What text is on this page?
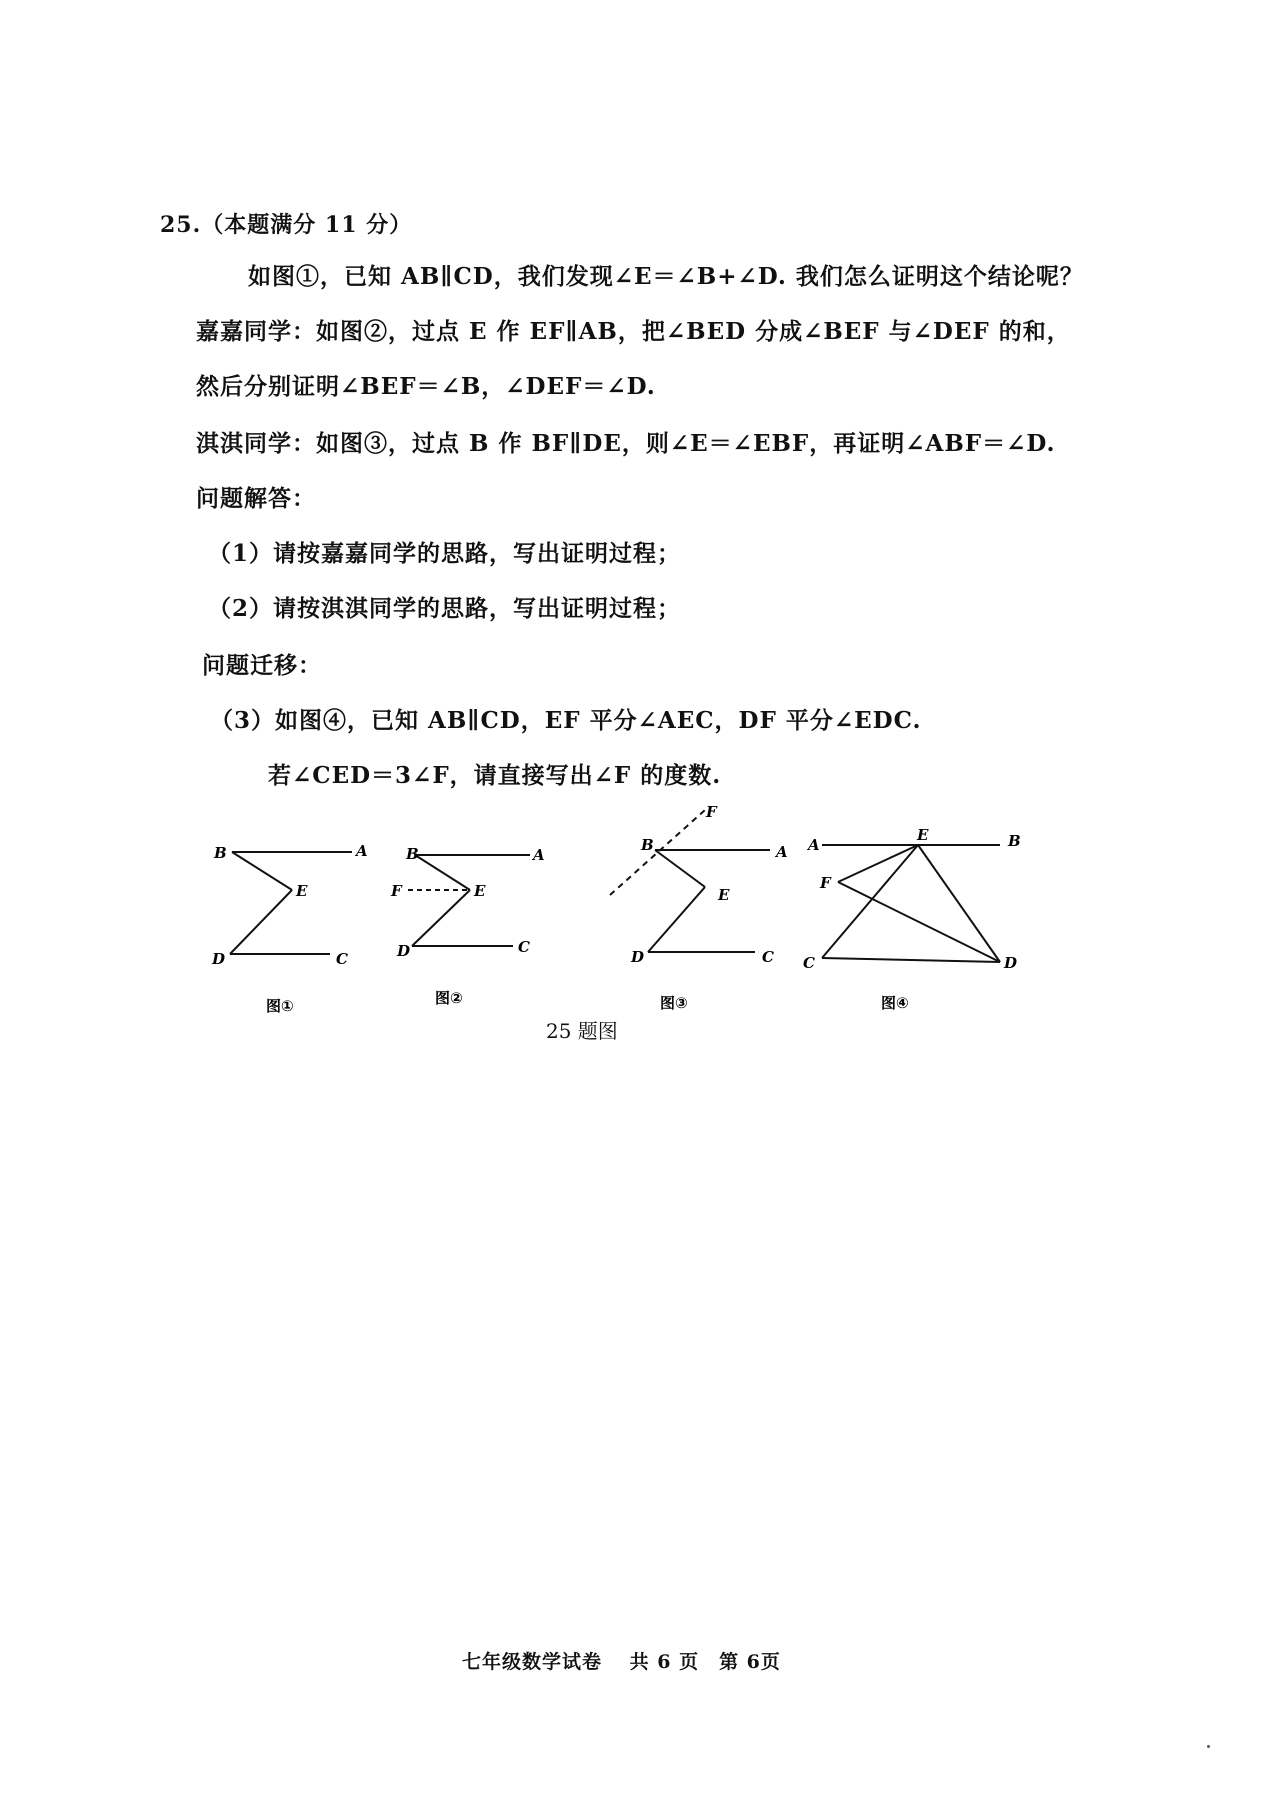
25.（本题满分 11 分）
如图①，已知 AB∥CD，我们发现∠E＝∠B+∠D. 我们怎么证明这个结论呢？
嘉嘉同学：如图②，过点 E 作 EF∥AB，把∠BED 分成∠BEF 与∠DEF 的和，
然后分别证明∠BEF＝∠B，∠DEF＝∠D.
淇淇同学：如图③，过点 B 作 BF∥DE，则∠E＝∠EBF，再证明∠ABF＝∠D.
问题解答：
（1）请按嘉嘉同学的思路，写出证明过程；
（2）请按淇淇同学的思路，写出证明过程；
问题迁移：
（3）如图④，已知 AB∥CD，EF 平分∠AEC，DF 平分∠EDC.
若∠CED＝3∠F，请直接写出∠F 的度数.
B	A
E
D	C
B	A
F	E
D	C
F
B	A
E
D	C
A
E	B
F
C	D
图①	图②	图③	图④
25 题图
七年级数学试卷　 共 6 页　第 6页
